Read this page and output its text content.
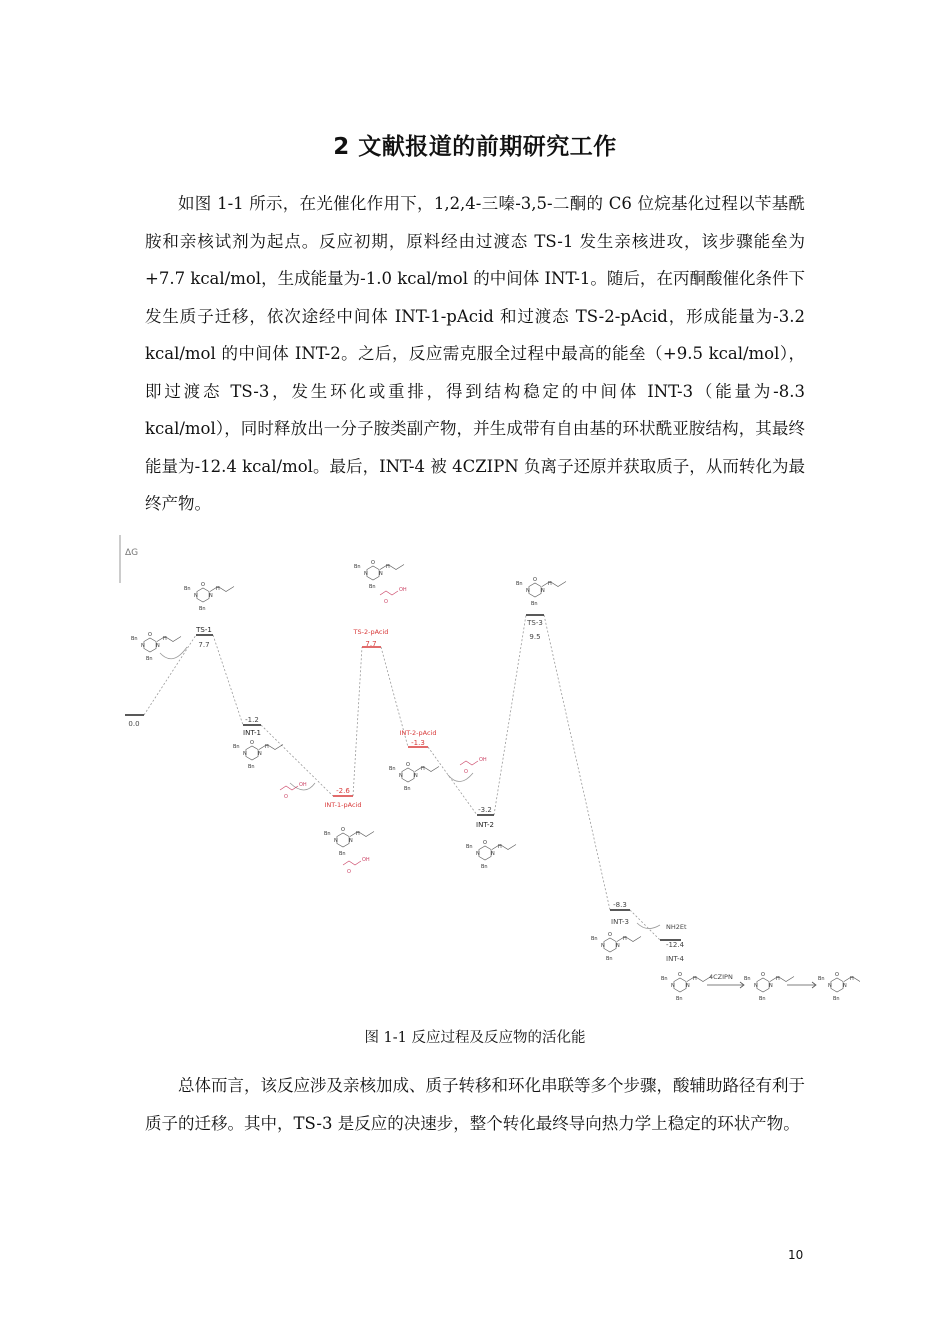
2 文献报道的前期研究工作

如图 1-1 所示，在光催化作用下，1,2,4-三嗪-3,5-二酮的 C6 位烷基化过程以苄基酰胺和亲核试剂为起点。反应初期，原料经由过渡态 TS-1 发生亲核进攻，该步骤能垒为+7.7 kcal/mol，生成能量为-1.0 kcal/mol 的中间体 INT-1。随后，在丙酮酸催化条件下发生质子迁移，依次途经中间体 INT-1-pAcid 和过渡态 TS-2-pAcid，形成能量为-3.2 kcal/mol 的中间体 INT-2。之后，反应需克服全过程中最高的能垒（+9.5 kcal/mol），即过渡态 TS-3，发生环化或重排，得到结构稳定的中间体 INT-3（能量为-8.3 kcal/mol），同时释放出一分子胺类副产物，并生成带有自由基的环状酰亚胺结构，其最终能量为-12.4 kcal/mol。最后，INT-4 被 4CZIPN 负离子还原并获取质子，从而转化为最终产物。

ΔG
0.0
TS-1
7.7
-1.2
INT-1
-2.6
INT-1-pAcid
TS-2-pAcid
7.7
INT-2-pAcid
-1.3
-3.2
INT-2
TS-3
9.5
-8.3
INT-3
-12.4
INT-4
NH2Et
4CZIPN
Bn
O
N N
Bn
H
Bn
O
N N
Bn
H
Bn
O
N N
Bn
H
Bn
O
N N
Bn
H
Bn
O
N N
Bn
H
Bn
O
N N
Bn
H
Bn
O
N N
Bn
H
Bn
O
N N
Bn
H
Bn
O
N N
Bn
H
Bn
O
N N
Bn
H	Bn
O
N N
Bn
H	Bn
O
N N
Bn
H
OH
O
OH
O
OH
O
OH
O
图 1-1 反应过程及反应物的活化能

总体而言，该反应涉及亲核加成、质子转移和环化串联等多个步骤，酸辅助路径有利于质子的迁移。其中，TS-3 是反应的决速步，整个转化最终导向热力学上稳定的环状产物。

10
